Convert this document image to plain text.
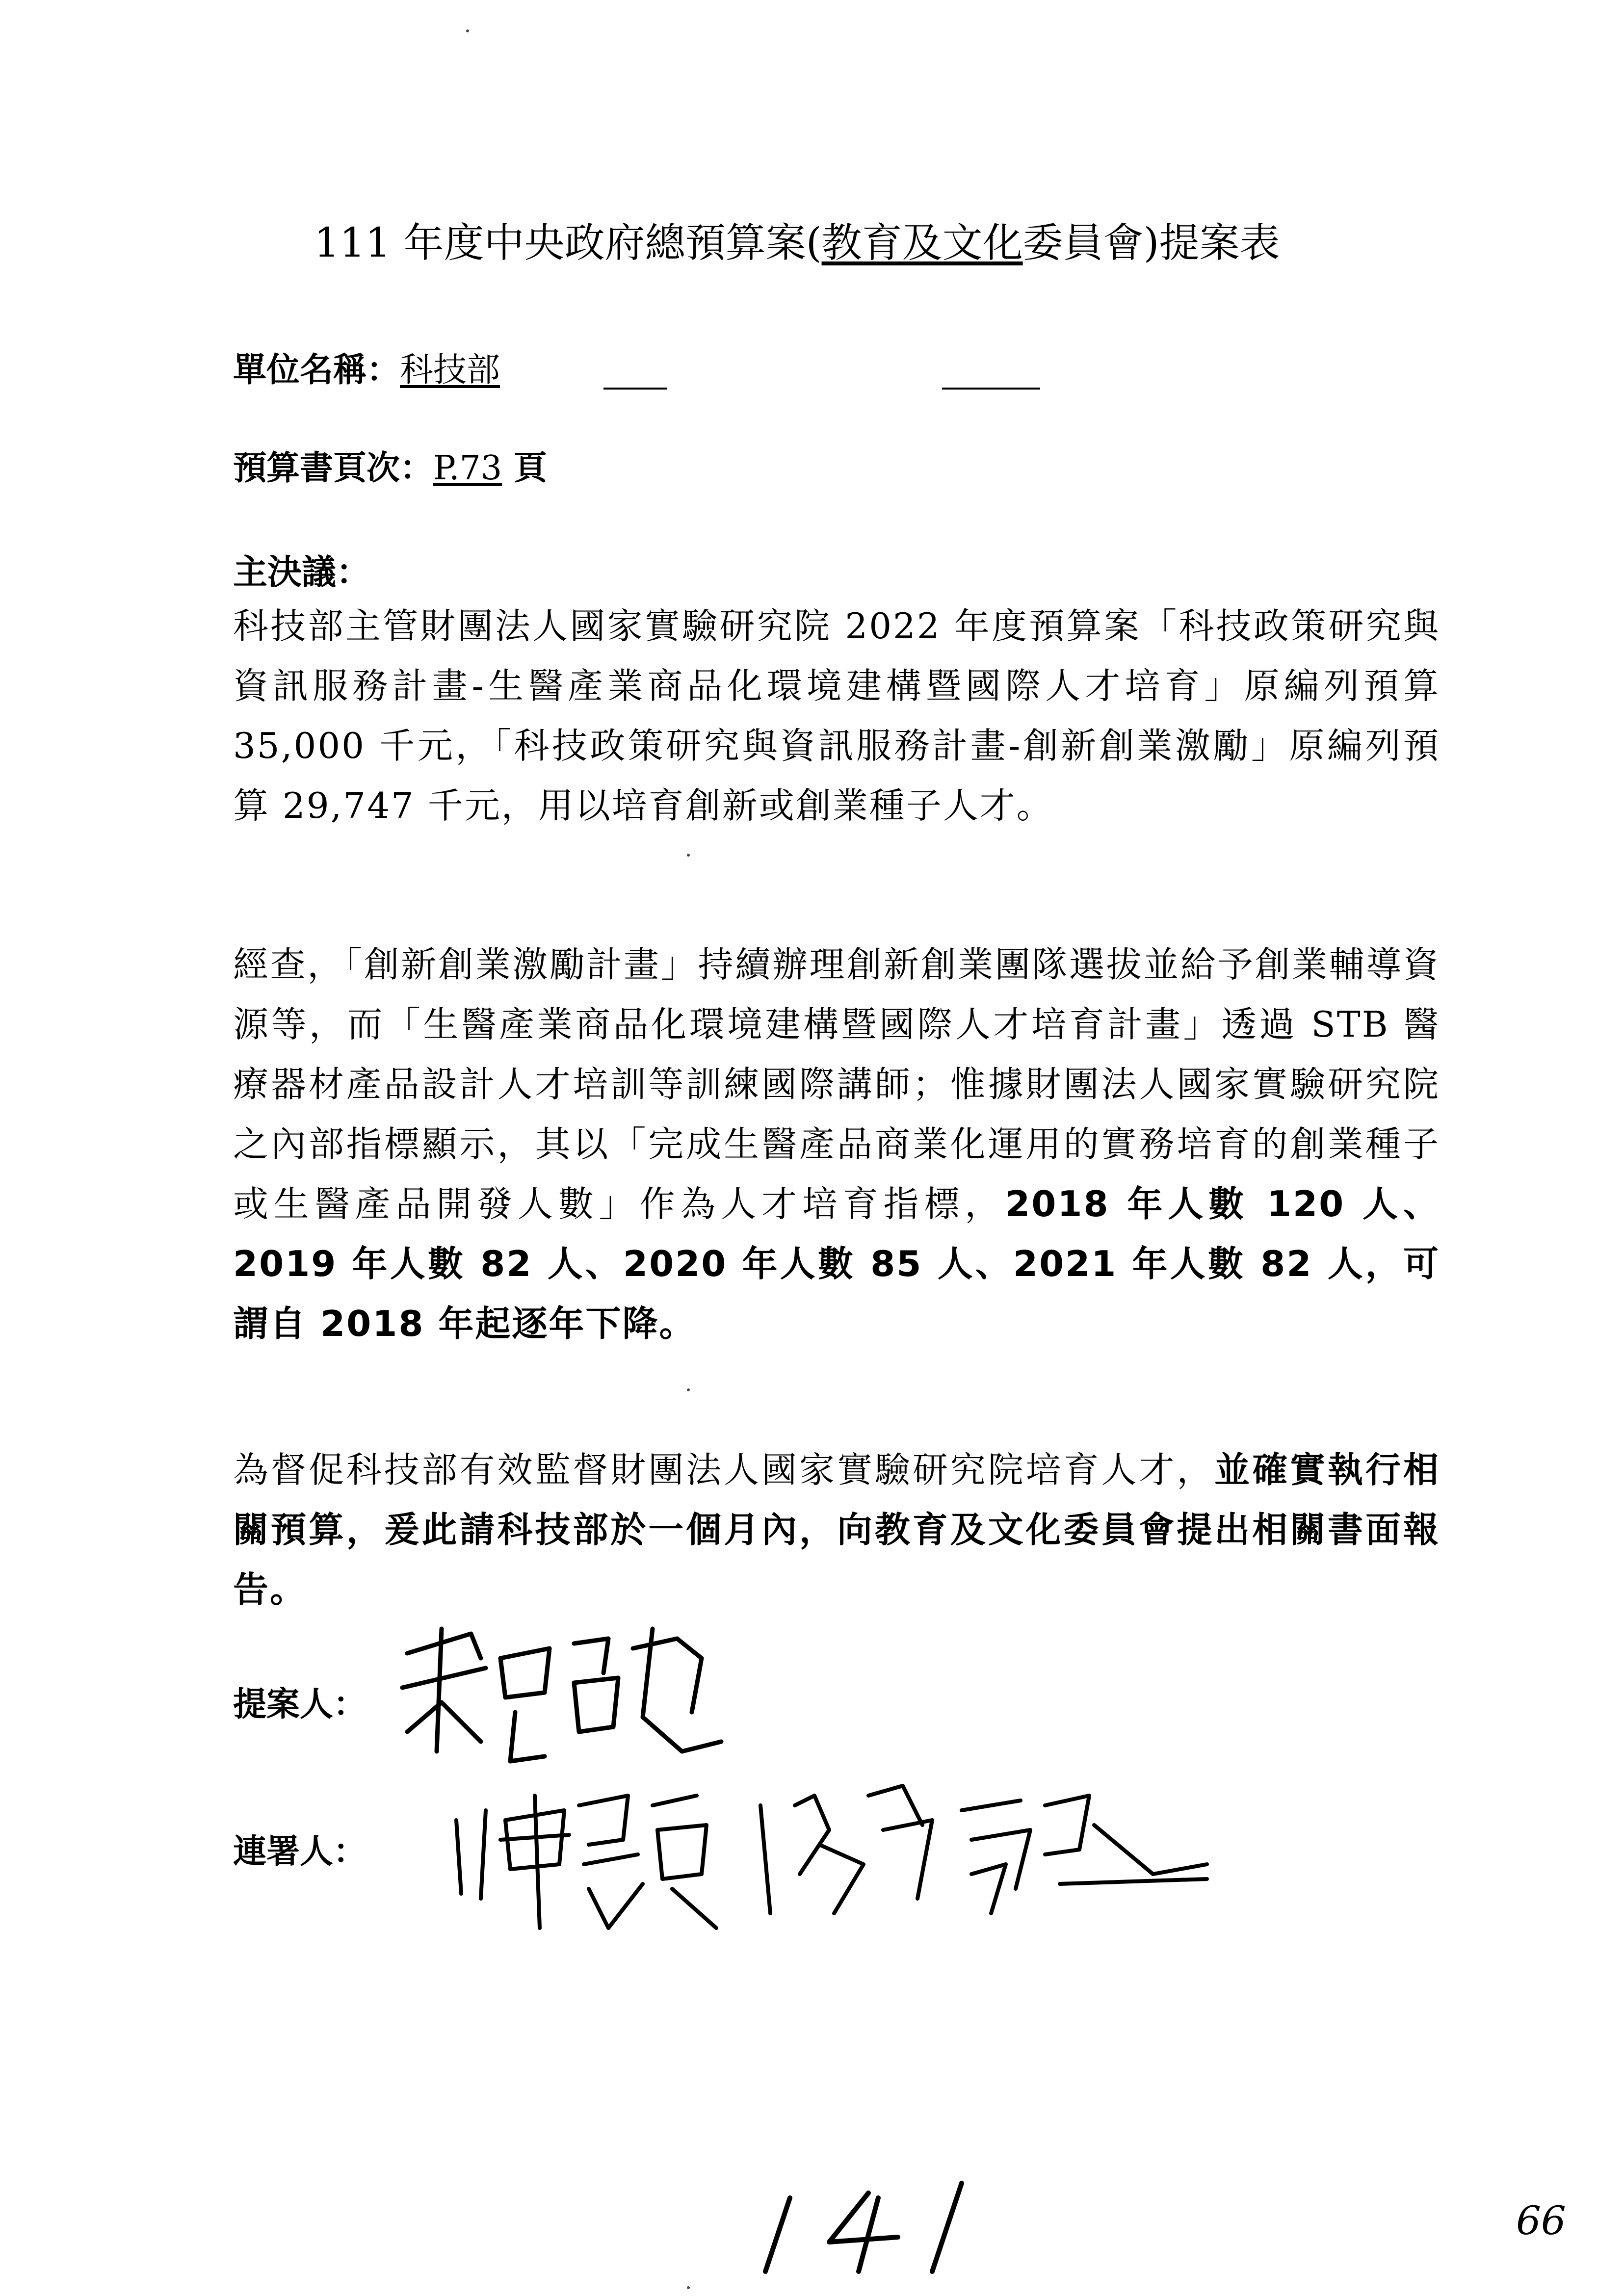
111 年度中央政府總預算案(教育及文化委員會)提案表
單位名稱：科技部
預算書頁次：P.73 頁
主決議：
科技部主管財團法人國家實驗研究院 2022 年度預算案「科技政策研究與資訊服務計畫-生醫產業商品化環境建構暨國際人才培育」原編列預算 35,000 千元，「科技政策研究與資訊服務計畫-創新創業激勵」原編列預算 29,747 千元，用以培育創新或創業種子人才。
經查，「創新創業激勵計畫」持續辦理創新創業團隊選拔並給予創業輔導資源等，而「生醫產業商品化環境建構暨國際人才培育計畫」透過 STB 醫療器材產品設計人才培訓等訓練國際講師；惟據財團法人國家實驗研究院之內部指標顯示，其以「完成生醫產品商業化運用的實務培育的創業種子或生醫產品開發人數」作為人才培育指標，2018 年人數 120 人、2019 年人數 82 人、2020 年人數 85 人、2021 年人數 82 人，可謂自 2018 年起逐年下降。
為督促科技部有效監督財團法人國家實驗研究院培育人才，並確實執行相關預算，爰此請科技部於一個月內，向教育及文化委員會提出相關書面報告。
提案人：
連署人：
66
